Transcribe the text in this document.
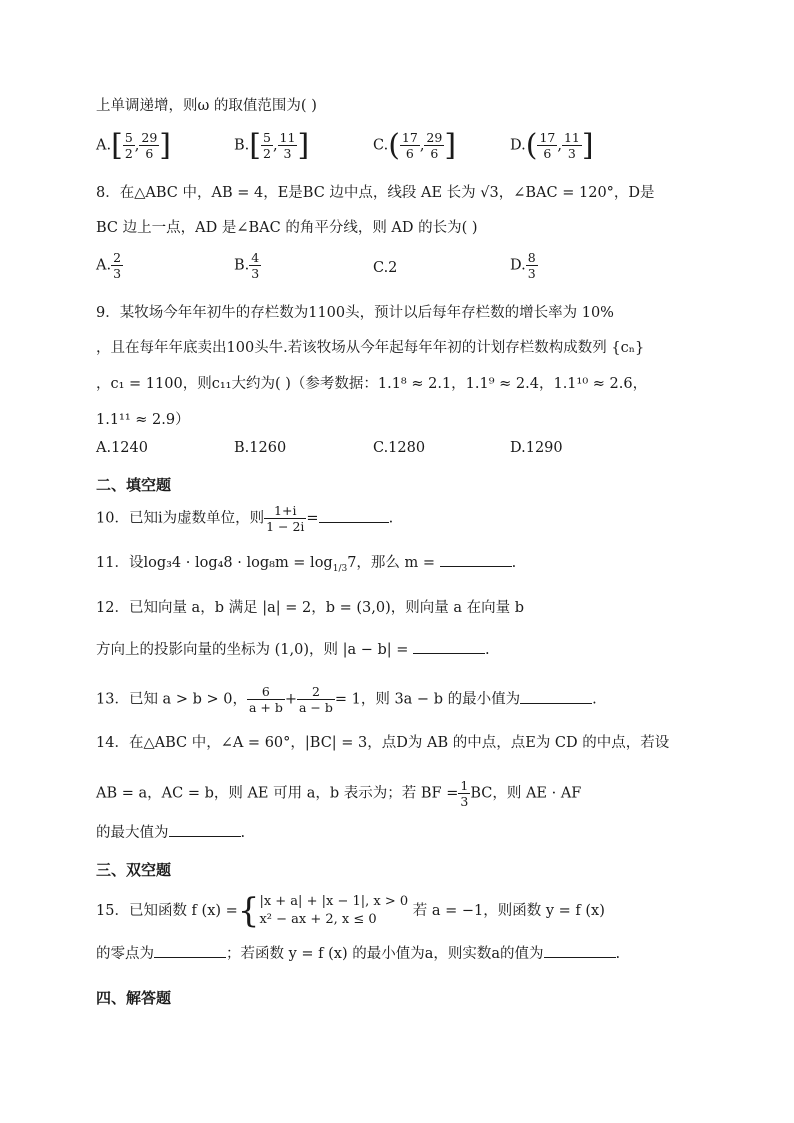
上单调递增，则ω 的取值范围为( )
$A.[ \frac{5}{2}$ , $\frac{29}{6}$ ]	$B.[ \frac{5}{2}$ , $\frac{11}{3}$ ]	$C.( \frac{17}{6}$ , $\frac{29}{6}$ ]	$D.( \frac{17}{6}$ , $\frac{11}{3}$ ]
8．在△ABC 中，AB = 4，E是BC 边中点，线段 AE 长为 √3，∠BAC = 120°，D是
BC 边上一点，AD 是∠BAC 的角平分线，则 AD 的长为( )
A. $\frac{2}{3}$	B. $\frac{4}{3}$	C.2	D. $\frac{8}{3}$
9．某牧场今年年初牛的存栏数为1100头，预计以后每年存栏数的增长率为 10%
，且在每年年底卖出100头牛.若该牧场从今年起每年年初的计划存栏数构成数列 {cₙ}
，c₁ = 1100，则c₁₁大约为( )（参考数据：1.1⁸ ≈ 2.1，1.1⁹ ≈ 2.4，1.1¹⁰ ≈ 2.6，
1.1¹¹ ≈ 2.9）
A.1240	B.1260	C.1280	D.1290
二、填空题
10．已知i为虚数单位，则 $\frac{1+i}{1 - 2i}$ =	.
11．设$\log_34 \cdot \log_48 \cdot \log_8m = \log_{1/3}7$，那么 m =	.
12．已知向量 a，b 满足 |a| = 2，b = (3,0)，则向量 a 在向量 b
方向上的投影向量的坐标为 (1,0)，则 |a − b| =	.
13．已知 a > b > 0， $\frac{6}{a + b} + \frac{2}{a - b} = 1$，则 3a − b 的最小值为	.
14．在△ABC 中，∠A = 60°，|BC| = 3，点D为 AB 的中点，点E为 CD 的中点，若设
AB = a，AC = b，则 AE 可用 a，b 表示为；若 BF = $\frac{1}{3}$ BC，则 AE · AF
的最大值为	.
三、双空题
15．已知函数 f (x) ={ |x + a| + |x − 1|, x > 0
x² − ax + 2, x ≤ 0
若 a = −1，则函数 y = f (x)
的零点为	；若函数 y = f (x) 的最小值为a，则实数a的值为	.
四、解答题
